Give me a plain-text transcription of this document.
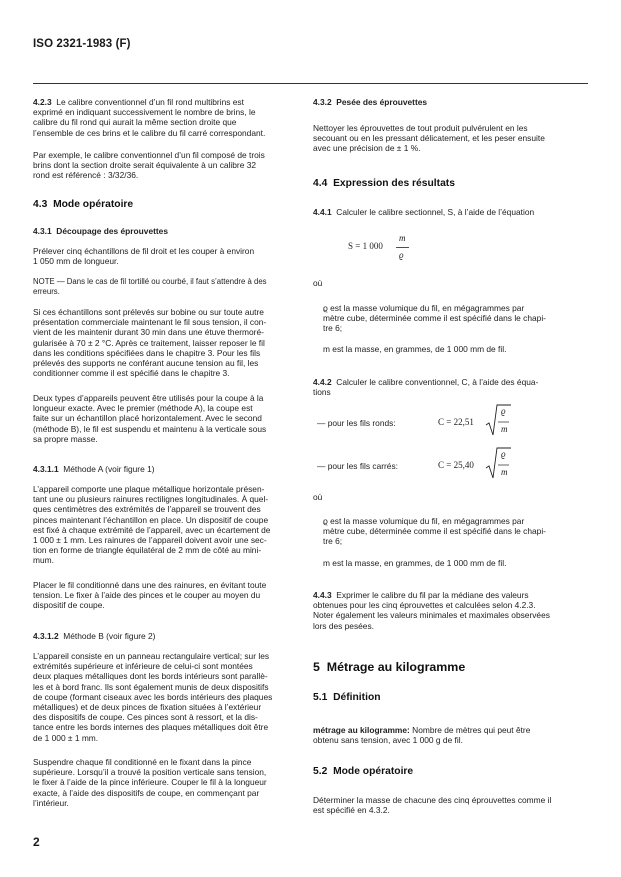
ISO 2321-1983 (F)

4.2.3 Le calibre conventionnel d’un fil rond multibrins est

exprimé en indiquant successivement le nombre de brins, le

calibre du fil rond qui aurait la même section droite que

l’ensemble de ces brins et le calibre du fil carré correspondant.

Par exemple, le calibre conventionnel d’un fil composé de trois

brins dont la section droite serait équivalente à un calibre 32

rond est référencé : 3/32/36.

4.3 Mode opératoire
4.3.1 Découpage des éprouvettes

Prélever cinq échantillons de fil droit et les couper à environ

1 050 mm de longueur.

NOTE — Dans le cas de fil tortillé ou courbé, il faut s’attendre à des

erreurs.

Si ces échantillons sont prélevés sur bobine ou sur toute autre

présentation commerciale maintenant le fil sous tension, il con-

vient de les maintenir durant 30 min dans une étuve thermoré-

gularisée à 70 ± 2 °C. Après ce traitement, laisser reposer le fil

dans les conditions spécifiées dans le chapitre 3. Pour les fils

prélevés des supports ne conférant aucune tension au fil, les

conditionner comme il est spécifié dans le chapitre 3.

Deux types d’appareils peuvent être utilisés pour la coupe à la

longueur exacte. Avec le premier (méthode A), la coupe est

faite sur un échantillon placé horizontalement. Avec le second

(méthode B), le fil est suspendu et maintenu à la verticale sous

sa propre masse.

4.3.1.1 Méthode A (voir figure 1)

L’appareil comporte une plaque métallique horizontale présen-

tant une ou plusieurs rainures rectilignes longitudinales. À quel-

ques centimètres des extrémités de l’appareil se trouvent des

pinces maintenant l’échantillon en place. Un dispositif de coupe

est fixé à chaque extrémité de l’appareil, avec un écartement de

1 000 ± 1 mm. Les rainures de l’appareil doivent avoir une sec-

tion en forme de triangle équilatéral de 2 mm de côté au mini-

mum.

Placer le fil conditionné dans une des rainures, en évitant toute

tension. Le fixer à l’aide des pinces et le couper au moyen du

dispositif de coupe.

4.3.1.2 Méthode B (voir figure 2)

L’appareil consiste en un panneau rectangulaire vertical; sur les

extrémités supérieure et inférieure de celui-ci sont montées

deux plaques métalliques dont les bords intérieurs sont parallè-

les et à bord franc. Ils sont également munis de deux dispositifs

de coupe (formant ciseaux avec les bords intérieurs des plaques

métalliques) et de deux pinces de fixation situées à l’extérieur

des dispositifs de coupe. Ces pinces sont à ressort, et la dis-

tance entre les bords internes des plaques métalliques doit être

de 1 000 ± 1 mm.

Suspendre chaque fil conditionné en le fixant dans la pince

supérieure. Lorsqu’il a trouvé la position verticale sans tension,

le fixer à l’aide de la pince inférieure. Couper le fil à la longueur

exacte, à l’aide des dispositifs de coupe, en commençant par

l’intérieur.

2
4.3.2 Pesée des éprouvettes

Nettoyer les éprouvettes de tout produit pulvérulent en les

secouant ou en les pressant délicatement, et les peser ensuite

avec une précision de ± 1 %.

4.4 Expression des résultats
4.4.1 Calculer le calibre sectionnel, S, à l’aide de l’équation
S = 1 000
m
ϱ
où

ϱ est la masse volumique du fil, en mégagrammes par

mètre cube, déterminée comme il est spécifié dans le chapi-

tre 6;

m est la masse, en grammes, de 1 000 mm de fil.

4.4.2 Calculer le calibre conventionnel, C, à l’aide des équa-

tions

— pour les fils ronds:	C = 22,51
ϱ
m
— pour les fils carrés:	C = 25,40
ϱ
m
où

ϱ est la masse volumique du fil, en mégagrammes par

mètre cube, déterminée comme il est spécifié dans le chapi-

tre 6;

m est la masse, en grammes, de 1 000 mm de fil.

4.4.3 Exprimer le calibre du fil par la médiane des valeurs

obtenues pour les cinq éprouvettes et calculées selon 4.2.3.

Noter également les valeurs minimales et maximales observées

lors des pesées.

5 Métrage au kilogramme
5.1 Définition

métrage au kilogramme: Nombre de mètres qui peut être

obtenu sans tension, avec 1 000 g de fil.

5.2 Mode opératoire

Déterminer la masse de chacune des cinq éprouvettes comme il

est spécifié en 4.3.2.
